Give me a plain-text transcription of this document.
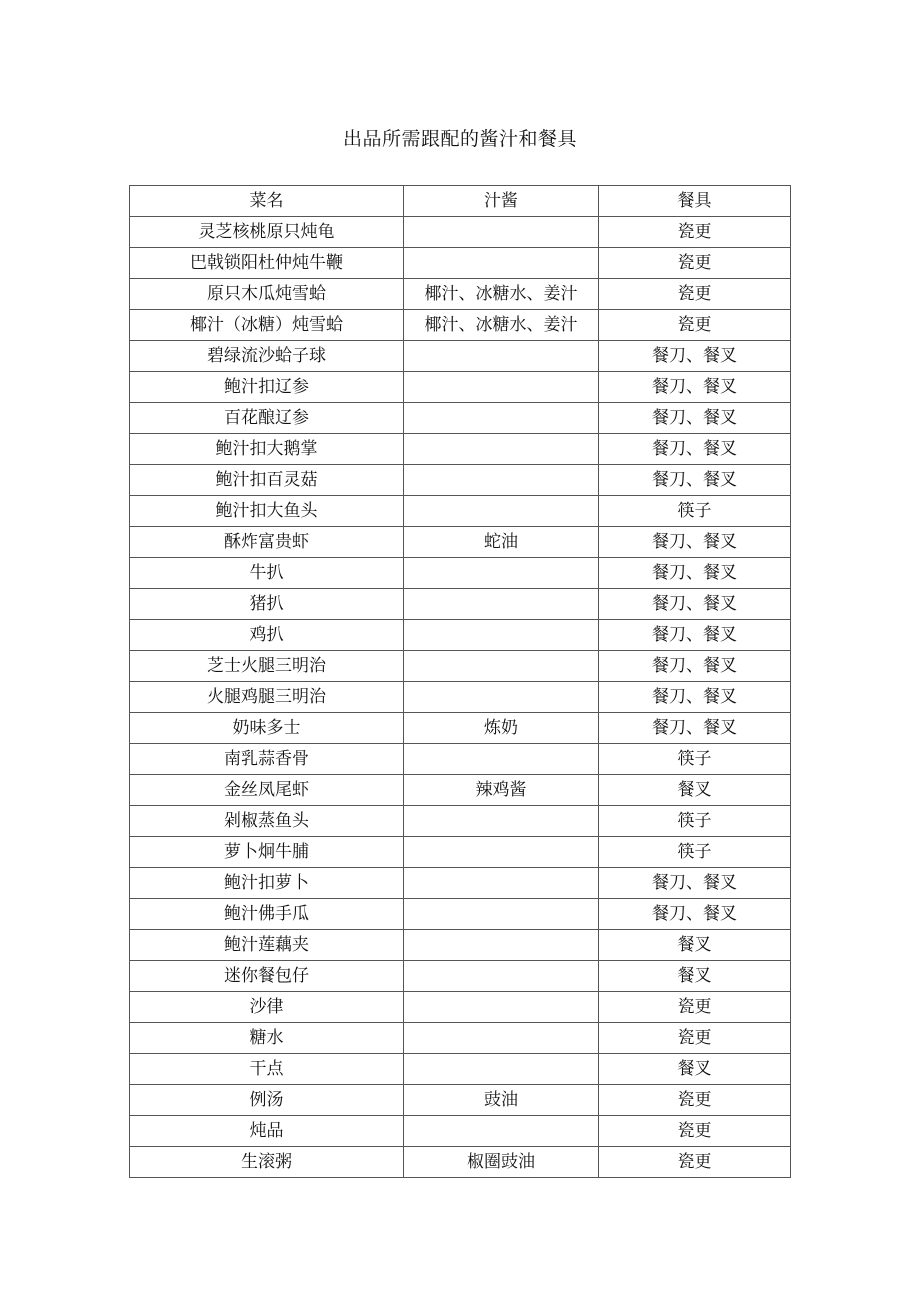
出品所需跟配的酱汁和餐具
菜名	汁酱	餐具
灵芝核桃原只炖龟		瓷更
巴戟锁阳杜仲炖牛鞭		瓷更
原只木瓜炖雪蛤	椰汁、冰糖水、姜汁	瓷更
椰汁（冰糖）炖雪蛤	椰汁、冰糖水、姜汁	瓷更
碧绿流沙蛤子球		餐刀、餐叉
鲍汁扣辽参		餐刀、餐叉
百花酿辽参		餐刀、餐叉
鲍汁扣大鹅掌		餐刀、餐叉
鲍汁扣百灵菇		餐刀、餐叉
鲍汁扣大鱼头		筷子
酥炸富贵虾	蛇油	餐刀、餐叉
牛扒		餐刀、餐叉
猪扒		餐刀、餐叉
鸡扒		餐刀、餐叉
芝士火腿三明治		餐刀、餐叉
火腿鸡腿三明治		餐刀、餐叉
奶味多士	炼奶	餐刀、餐叉
南乳蒜香骨		筷子
金丝凤尾虾	辣鸡酱	餐叉
剁椒蒸鱼头		筷子
萝卜炯牛脯		筷子
鲍汁扣萝卜		餐刀、餐叉
鲍汁佛手瓜		餐刀、餐叉
鲍汁莲藕夹		餐叉
迷你餐包仔		餐叉
沙律		瓷更
糖水		瓷更
干点		餐叉
例汤	豉油	瓷更
炖品		瓷更
生滚粥	椒圈豉油	瓷更
